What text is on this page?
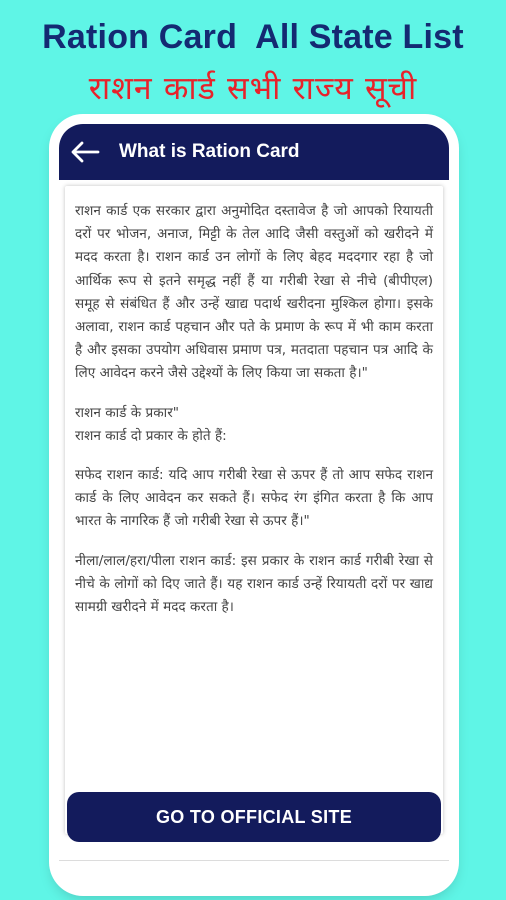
Ration Card  All State List
राशन कार्ड सभी राज्य सूची
What is Ration Card

राशन कार्ड एक सरकार द्वारा अनुमोदित दस्तावेज है जो आपको रियायती दरों पर भोजन, अनाज, मिट्टी के तेल आदि जैसी वस्तुओं को खरीदने में मदद करता है। राशन कार्ड उन लोगों के लिए बेहद मददगार रहा है जो आर्थिक रूप से इतने समृद्ध नहीं हैं या गरीबी रेखा से नीचे (बीपीएल) समूह से संबंधित हैं और उन्हें खाद्य पदार्थ खरीदना मुश्किल होगा। इसके अलावा, राशन कार्ड पहचान और पते के प्रमाण के रूप में भी काम करता है और इसका उपयोग अधिवास प्रमाण पत्र, मतदाता पहचान पत्र आदि के लिए आवेदन करने जैसे उद्देश्यों के लिए किया जा सकता है।"

राशन कार्ड के प्रकार"
राशन कार्ड दो प्रकार के होते हैं:

सफेद राशन कार्ड: यदि आप गरीबी रेखा से ऊपर हैं तो आप सफेद राशन कार्ड के लिए आवेदन कर सकते हैं। सफेद रंग इंगित करता है कि आप भारत के नागरिक हैं जो गरीबी रेखा से ऊपर हैं।"

नीला/लाल/हरा/पीला राशन कार्ड: इस प्रकार के राशन कार्ड गरीबी रेखा से नीचे के लोगों को दिए जाते हैं। यह राशन कार्ड उन्हें रियायती दरों पर खाद्य सामग्री खरीदने में मदद करता है।

GO TO OFFICIAL SITE
